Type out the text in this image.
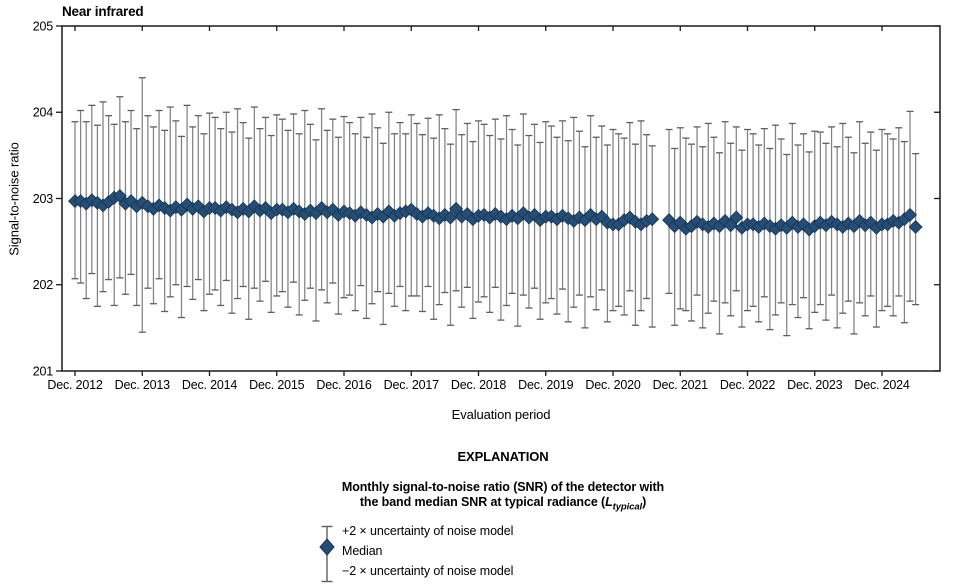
Near infrared
Signal-to-noise ratio
201
202
203
204
205
Dec. 2012 Dec. 2013 Dec. 2014 Dec. 2015 Dec. 2016 Dec. 2017 Dec. 2018 Dec. 2019 Dec. 2020 Dec. 2021 Dec. 2022 Dec. 2023 Dec. 2024
Evaluation period
EXPLANATION
Monthly signal-to-noise ratio (SNR) of the detector with
the band median SNR at typical radiance $(L_{typical})$
+2 × uncertainty of noise model
Median
−2 × uncertainty of noise model
